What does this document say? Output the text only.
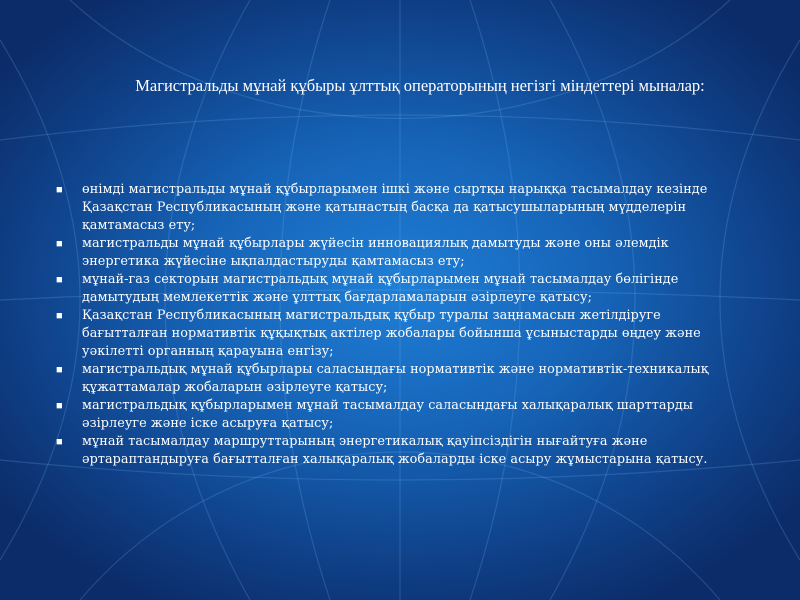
Магистральды мұнай құбыры ұлттық операторының негізгі міндеттері мыналар:
■	өнімді магистральды мұнай құбырларымен ішкі және сыртқы нарыққа тасымалдау кезінде Қазақстан Республикасының және қатынастың басқа да қатысушыларының мүдделерін қамтамасыз ету;
■	магистральды мұнай құбырлары жүйесін инновациялық дамытуды және оны әлемдік энергетика жүйесіне ықпалдастыруды қамтамасыз ету;
■	мұнай-газ секторын магистральдық мұнай құбырларымен мұнай тасымалдау бөлігінде дамытудың мемлекеттік және ұлттық бағдарламаларын әзірлеуге қатысу;
■	Қазақстан Республикасының магистральдық құбыр туралы заңнамасын жетілдіруге бағытталған нормативтік құқықтық актілер жобалары бойынша ұсыныстарды өңдеу және уәкілетті органның қарауына енгізу;
■	магистральдық мұнай құбырлары саласындағы нормативтік және нормативтік-техникалық құжаттамалар жобаларын әзірлеуге қатысу;
■	магистральдық құбырларымен мұнай тасымалдау саласындағы халықаралық шарттарды әзірлеуге және іске асыруға қатысу;
■	мұнай тасымалдау маршруттарының энергетикалық қауіпсіздігін нығайтуға және әртараптандыруға бағытталған халықаралық жобаларды іске асыру жұмыстарына қатысу.
